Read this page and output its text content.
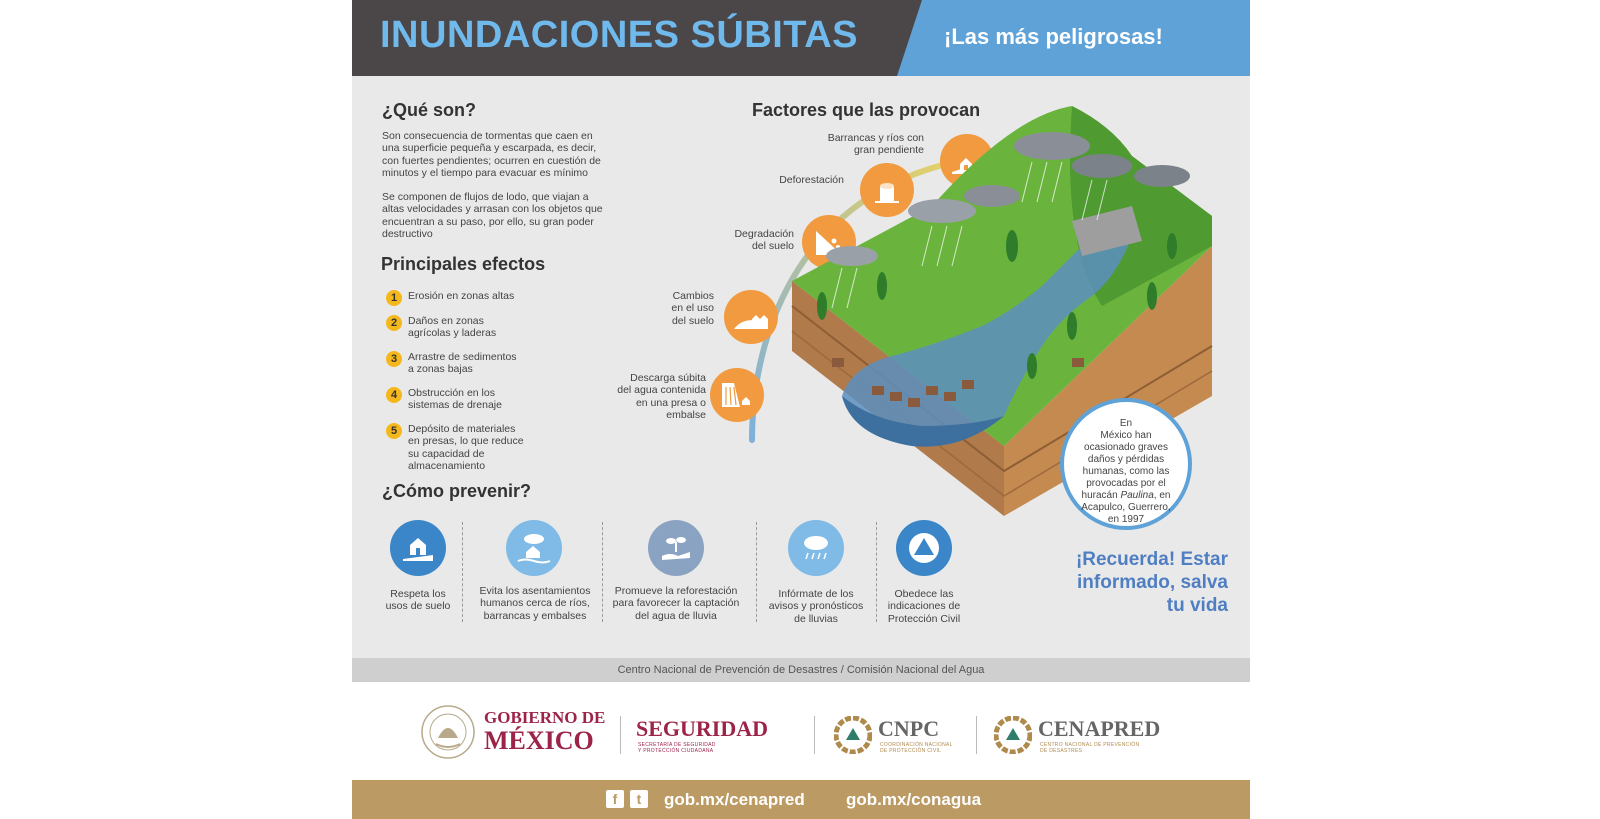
INUNDACIONES SÚBITAS	¡Las más peligrosas!
¿Qué son?
Son consecuencia de tormentas que caen en
una superficie pequeña y escarpada, es decir,
con fuertes pendientes; ocurren en cuestión de
minutos y el tiempo para evacuar es mínimo
Se componen de flujos de lodo, que viajan a
altas velocidades y arrasan con los objetos que
encuentran a su paso, por ello, su gran poder
destructivo
Principales efectos
1	Erosión en zonas altas
2	Daños en zonas
agrícolas y laderas
3	Arrastre de sedimentos
a zonas bajas
4	Obstrucción en los
sistemas de drenaje
5	Depósito de materiales
en presas, lo que reduce
su capacidad de
almacenamiento
¿Cómo prevenir?
Factores que las provocan
Barrancas y ríos con
gran pendiente
Deforestación
Degradación
del suelo
Cambios
en el uso
del suelo
Descarga súbita
del agua contenida
en una presa o
embalse
En
México han
ocasionado graves
daños y pérdidas
humanas, como las
provocadas por el
huracán Paulina, en
Acapulco, Guerrero,
en 1997
¡Recuerda! Estar
informado, salva
tu vida
Respeta los
usos de suelo
Evita los asentamientos
humanos cerca de ríos,
barrancas y embalses
Promueve la reforestación
para favorecer la captación
del agua de lluvia
Infórmate de los
avisos y pronósticos
de lluvias
Obedece las
indicaciones de
Protección Civil
Centro Nacional de Prevención de Desastres / Comisión Nacional del Agua
GOBIERNO DE
MÉXICO SEGURIDAD
SECRETARÍA DE SEGURIDAD
Y PROTECCIÓN CIUDADANA
CNPC
COORDINACIÓN NACIONAL
DE PROTECCIÓN CIVIL
CENAPRED
CENTRO NACIONAL DE PREVENCIÓN
DE DESASTRES
f	t	gob.mx/cenapred gob.mx/conagua
